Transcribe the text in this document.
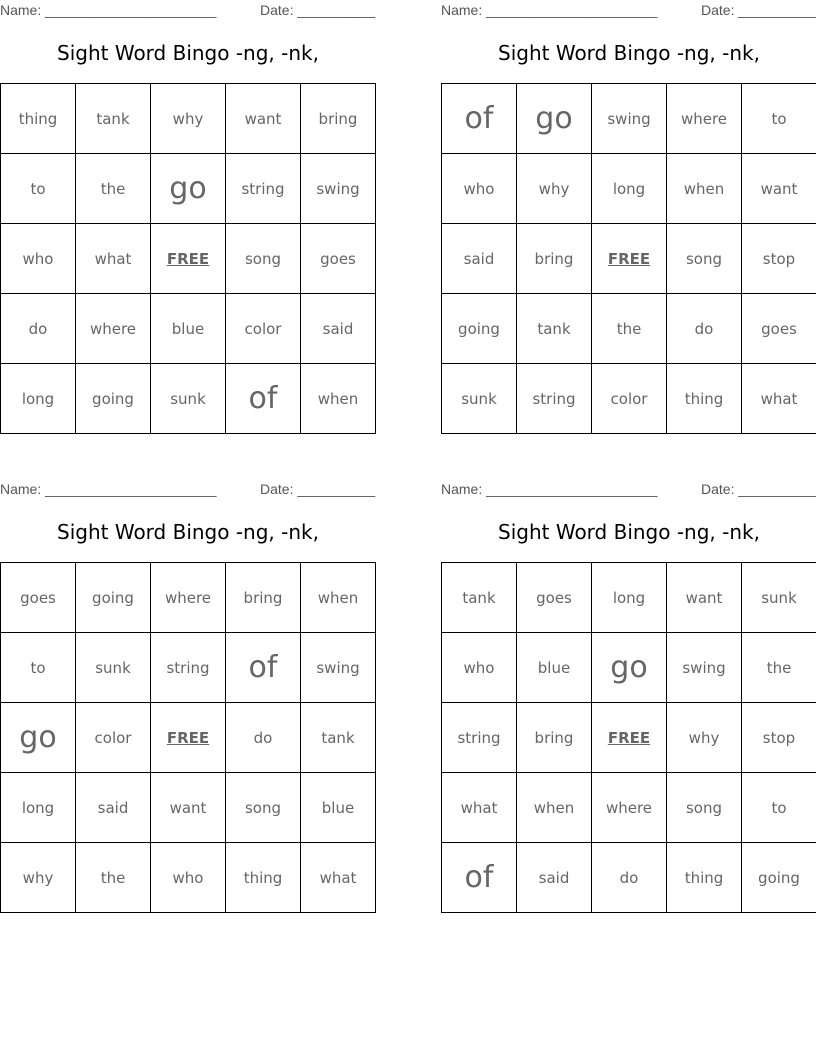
Name: ______________________	Date: __________
Sight Word Bingo -ng, -nk,
thing	tank	why	want	bring
to	the	go	string	swing
who	what	FREE	song	goes
do	where	blue	color	said
long	going	sunk	of	when
Name: ______________________	Date: __________
Sight Word Bingo -ng, -nk,
of	go	swing	where	to
who	why	long	when	want
said	bring	FREE	song	stop
going	tank	the	do	goes
sunk	string	color	thing	what
Name: ______________________	Date: __________
Sight Word Bingo -ng, -nk,
goes	going	where	bring	when
to	sunk	string	of	swing
go	color	FREE	do	tank
long	said	want	song	blue
why	the	who	thing	what
Name: ______________________	Date: __________
Sight Word Bingo -ng, -nk,
tank	goes	long	want	sunk
who	blue	go	swing	the
string	bring	FREE	why	stop
what	when	where	song	to
of	said	do	thing	going
